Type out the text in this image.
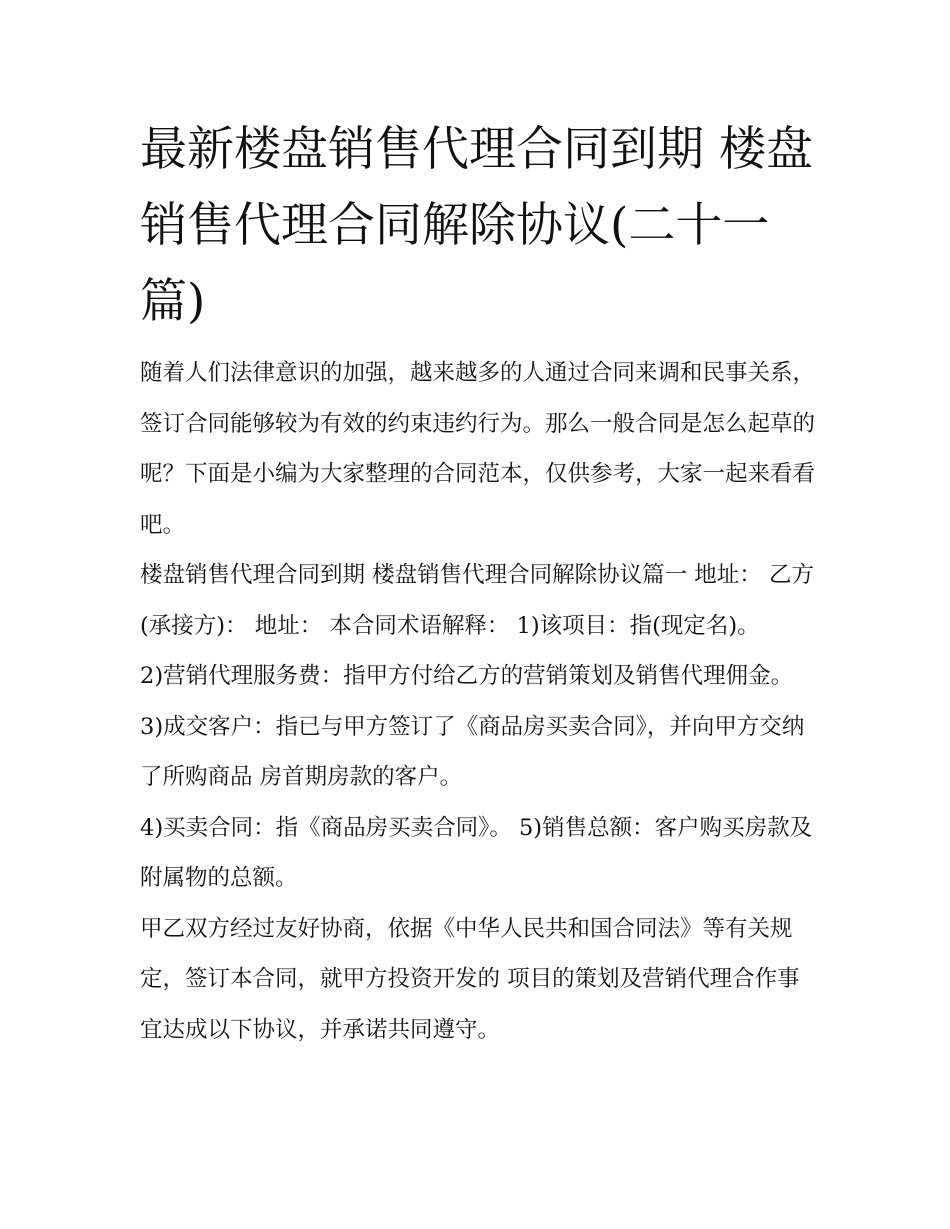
最新楼盘销售代理合同到期 楼盘销售代理合同解除协议(二十一篇)

随着人们法律意识的加强，越来越多的人通过合同来调和民事关系，签订合同能够较为有效的约束违约行为。那么一般合同是怎么起草的呢？下面是小编为大家整理的合同范本，仅供参考，大家一起来看看吧。

楼盘销售代理合同到期 楼盘销售代理合同解除协议篇一 地址： 乙方(承接方)： 地址： 本合同术语解释： 1)该项目：指(现定名)。

2)营销代理服务费：指甲方付给乙方的营销策划及销售代理佣金。 3)成交客户：指已与甲方签订了《商品房买卖合同》，并向甲方交纳了所购商品 房首期房款的客户。

4)买卖合同：指《商品房买卖合同》。 5)销售总额：客户购买房款及附属物的总额。

甲乙双方经过友好协商，依据《中华人民共和国合同法》等有关规定，签订本合同，就甲方投资开发的 项目的策划及营销代理合作事宜达成以下协议，并承诺共同遵守。
